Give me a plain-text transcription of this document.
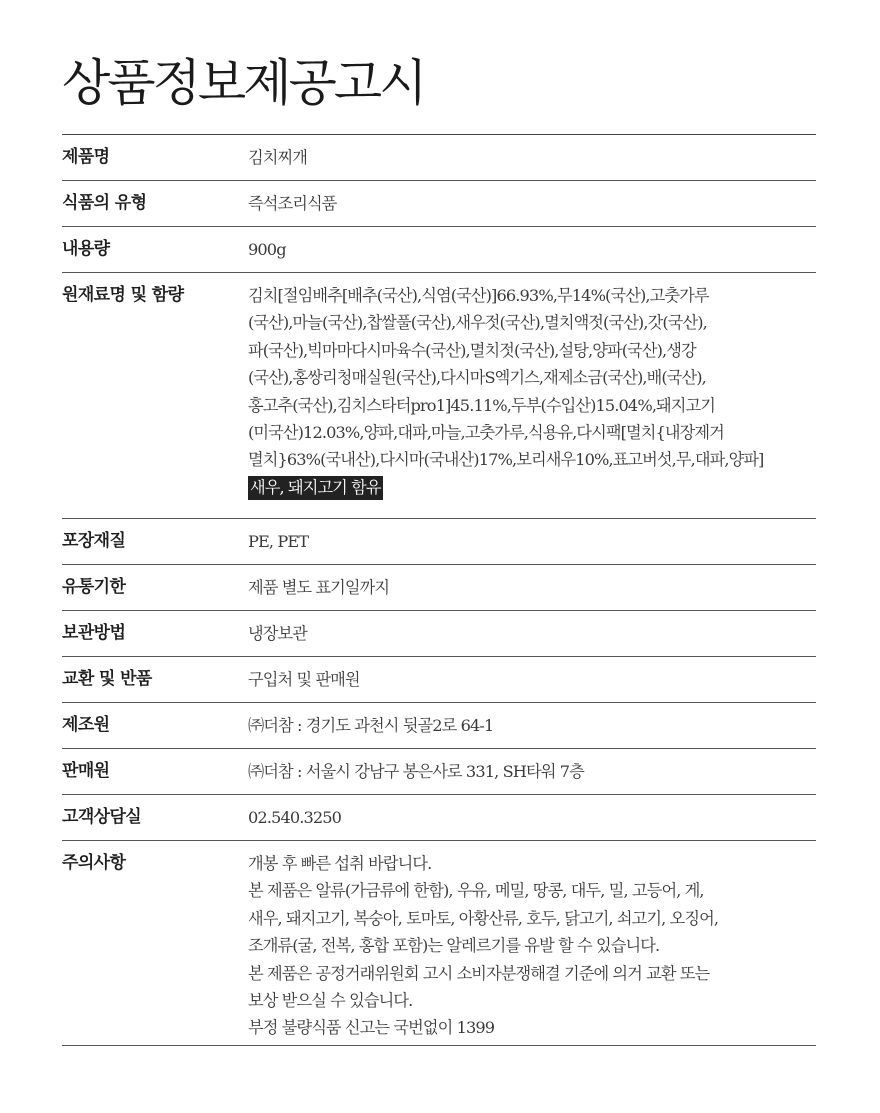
상품정보제공고시
제품명	김치찌개
식품의 유형	즉석조리식품
내용량	900g
원재료명 및 함량	김치[절임배추[배추(국산),식염(국산)]66.93%,무14%(국산),고춧가루
(국산),마늘(국산),찹쌀풀(국산),새우젓(국산),멸치액젓(국산),갓(국산),
파(국산),빅마마다시마육수(국산),멸치젓(국산),설탕,양파(국산),생강
(국산),홍쌍리청매실원(국산),다시마S엑기스,재제소금(국산),배(국산),
홍고추(국산),김치스타터pro1]45.11%,두부(수입산)15.04%,돼지고기
(미국산)12.03%,양파,대파,마늘,고춧가루,식용유,다시팩[멸치{내장제거
멸치}63%(국내산),다시마(국내산)17%,보리새우10%,표고버섯,무,대파,양파]
새우, 돼지고기 함유
포장재질	PE, PET
유통기한	제품 별도 표기일까지
보관방법	냉장보관
교환 및 반품	구입처 및 판매원
제조원	㈜더참 : 경기도 과천시 뒷골2로 64-1
판매원	㈜더참 : 서울시 강남구 봉은사로 331, SH타워 7층
고객상담실	02.540.3250
주의사항	개봉 후 빠른 섭취 바랍니다.
본 제품은 알류(가금류에 한함), 우유, 메밀, 땅콩, 대두, 밀, 고등어, 게,
새우, 돼지고기, 복숭아, 토마토, 아황산류, 호두, 닭고기, 쇠고기, 오징어,
조개류(굴, 전복, 홍합 포함)는 알레르기를 유발 할 수 있습니다.
본 제품은 공정거래위원회 고시 소비자분쟁해결 기준에 의거 교환 또는
보상 받으실 수 있습니다.
부정 불량식품 신고는 국번없이 1399
